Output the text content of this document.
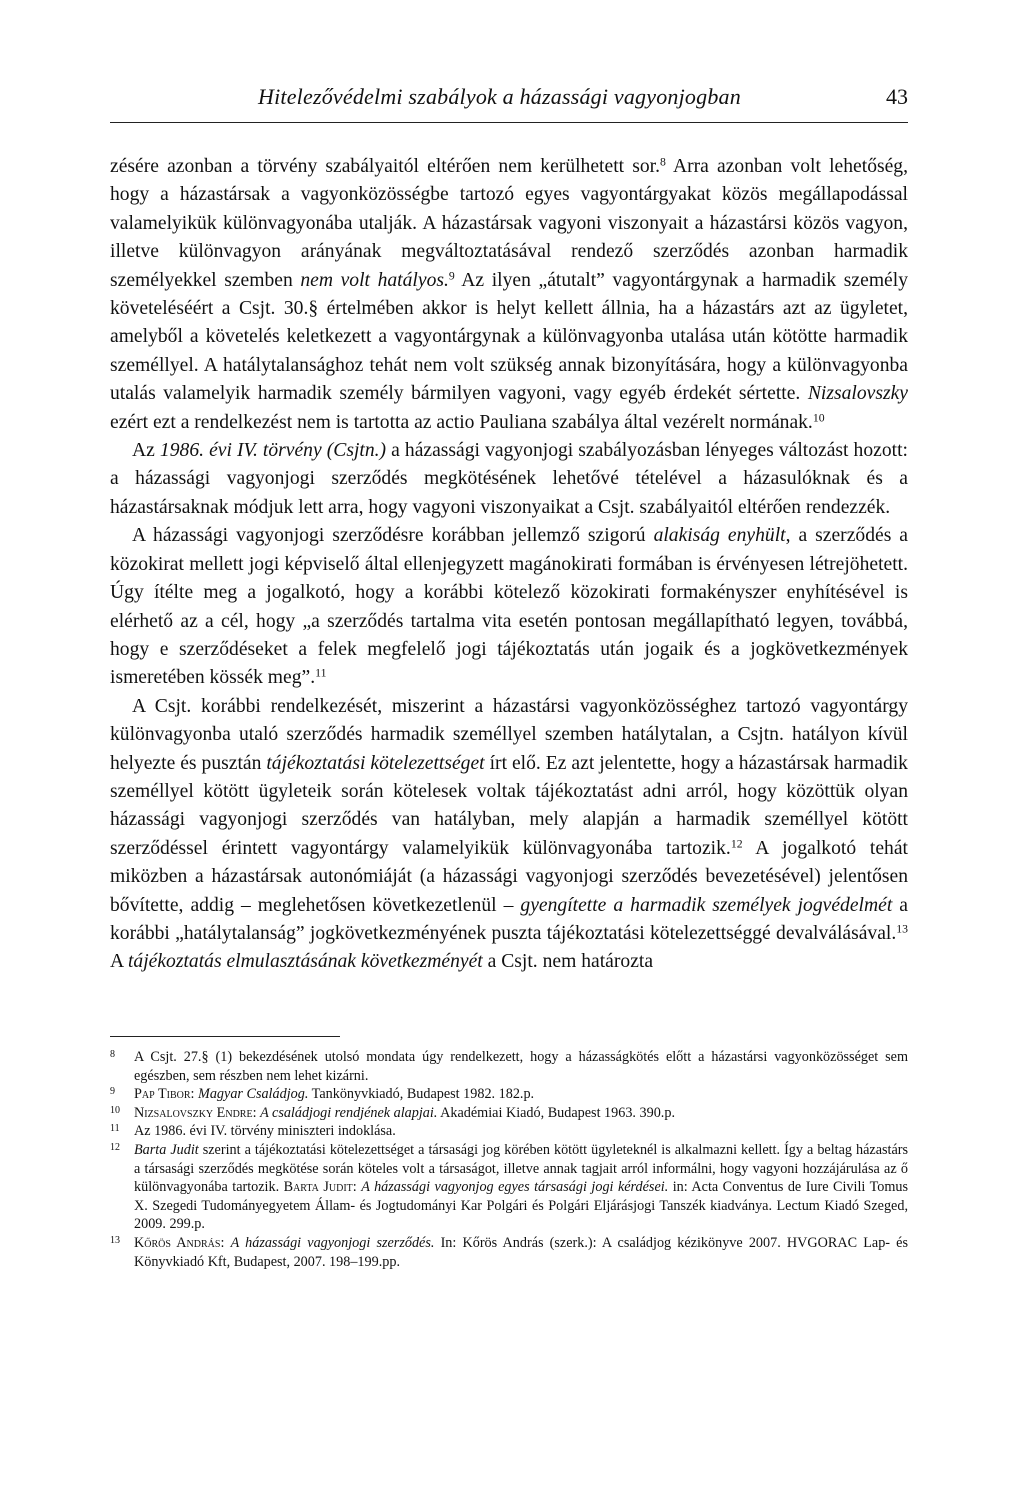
Hitelezővédelmi szabályok a házassági vagyonjogban	43

zésére azonban a törvény szabályaitól eltérően nem kerülhetett sor.$^8$ Arra azonban volt lehetőség, hogy a házastársak a vagyonközösségbe tartozó egyes vagyontárgyakat közös megállapodással valamelyikük különvagyonába utalják. A házastársak vagyoni viszonyait a házastársi közös vagyon, illetve különvagyon arányának megváltoztatásával rendező szerződés azonban harmadik személyekkel szemben nem volt hatályos.$^9$ Az ilyen „átutalt” vagyontárgynak a harmadik személy követeléséért a Csjt. 30.§ értelmében akkor is helyt kellett állnia, ha a házastárs azt az ügyletet, amelyből a követelés keletkezett a vagyontárgynak a különvagyonba utalása után kötötte harmadik személlyel. A hatálytalansághoz tehát nem volt szükség annak bizonyítására, hogy a különvagyonba utalás valamelyik harmadik személy bármilyen vagyoni, vagy egyéb érdekét sértette. Nizsalovszky ezért ezt a rendelkezést nem is tartotta az actio Pauliana szabálya által vezérelt normának.$^{10}$

Az 1986. évi IV. törvény (Csjtn.) a házassági vagyonjogi szabályozásban lényeges változást hozott: a házassági vagyonjogi szerződés megkötésének lehetővé tételével a házasulóknak és a házastársaknak módjuk lett arra, hogy vagyoni viszonyaikat a Csjt. szabályaitól eltérően rendezzék.

A házassági vagyonjogi szerződésre korábban jellemző szigorú alakiság enyhült, a szerződés a közokirat mellett jogi képviselő által ellenjegyzett magánokirati formában is érvényesen létrejöhetett. Úgy ítélte meg a jogalkotó, hogy a korábbi kötelező közokirati formakényszer enyhítésével is elérhető az a cél, hogy „a szerződés tartalma vita esetén pontosan megállapítható legyen, továbbá, hogy e szerződéseket a felek megfelelő jogi tájékoztatás után jogaik és a jogkövetkezmények ismeretében kössék meg”.$^{11}$

A Csjt. korábbi rendelkezését, miszerint a házastársi vagyonközösséghez tartozó vagyontárgy különvagyonba utaló szerződés harmadik személlyel szemben hatálytalan, a Csjtn. hatályon kívül helyezte és pusztán tájékoztatási kötelezettséget írt elő. Ez azt jelentette, hogy a házastársak harmadik személlyel kötött ügyleteik során kötelesek voltak tájékoztatást adni arról, hogy közöttük olyan házassági vagyonjogi szerződés van hatályban, mely alapján a harmadik személlyel kötött szerződéssel érintett vagyontárgy valamelyikük különvagyonába tartozik.$^{12}$ A jogalkotó tehát miközben a házastársak autonómiáját (a házassági vagyonjogi szerződés bevezetésével) jelentősen bővítette, addig – meglehetősen következetlenül – gyengítette a harmadik személyek jogvédelmét a korábbi „hatálytalanság” jogkövetkezményének puszta tájékoztatási kötelezettséggé devalválásával.$^{13}$ A tájékoztatás elmulasztásának következményét a Csjt. nem határozta

8 A Csjt. 27.§ (1) bekezdésének utolsó mondata úgy rendelkezett, hogy a házasságkötés előtt a házastársi vagyonközösséget sem egészben, sem részben nem lehet kizárni.

9 Pap Tibor: Magyar Családjog. Tankönyvkiadó, Budapest 1982. 182.p.

10 Nizsalovszky Endre: A családjogi rendjének alapjai. Akadémiai Kiadó, Budapest 1963. 390.p.

11 Az 1986. évi IV. törvény miniszteri indoklása.

12 Barta Judit szerint a tájékoztatási kötelezettséget a társasági jog körében kötött ügyleteknél is alkalmazni kellett. Így a beltag házastárs a társasági szerződés megkötése során köteles volt a társaságot, illetve annak tagjait arról informálni, hogy vagyoni hozzájárulása az ő különvagyonába tartozik. Barta Judit: A házassági vagyonjog egyes társasági jogi kérdései. in: Acta Conventus de Iure Civili Tomus X. Szegedi Tudományegyetem Állam- és Jogtudományi Kar Polgári és Polgári Eljárásjogi Tanszék kiadványa. Lectum Kiadó Szeged, 2009. 299.p.

13 Kőrös András: A házassági vagyonjogi szerződés. In: Kőrös András (szerk.): A családjog kézikönyve 2007. HVGORAC Lap- és Könyvkiadó Kft, Budapest, 2007. 198–199.pp.
